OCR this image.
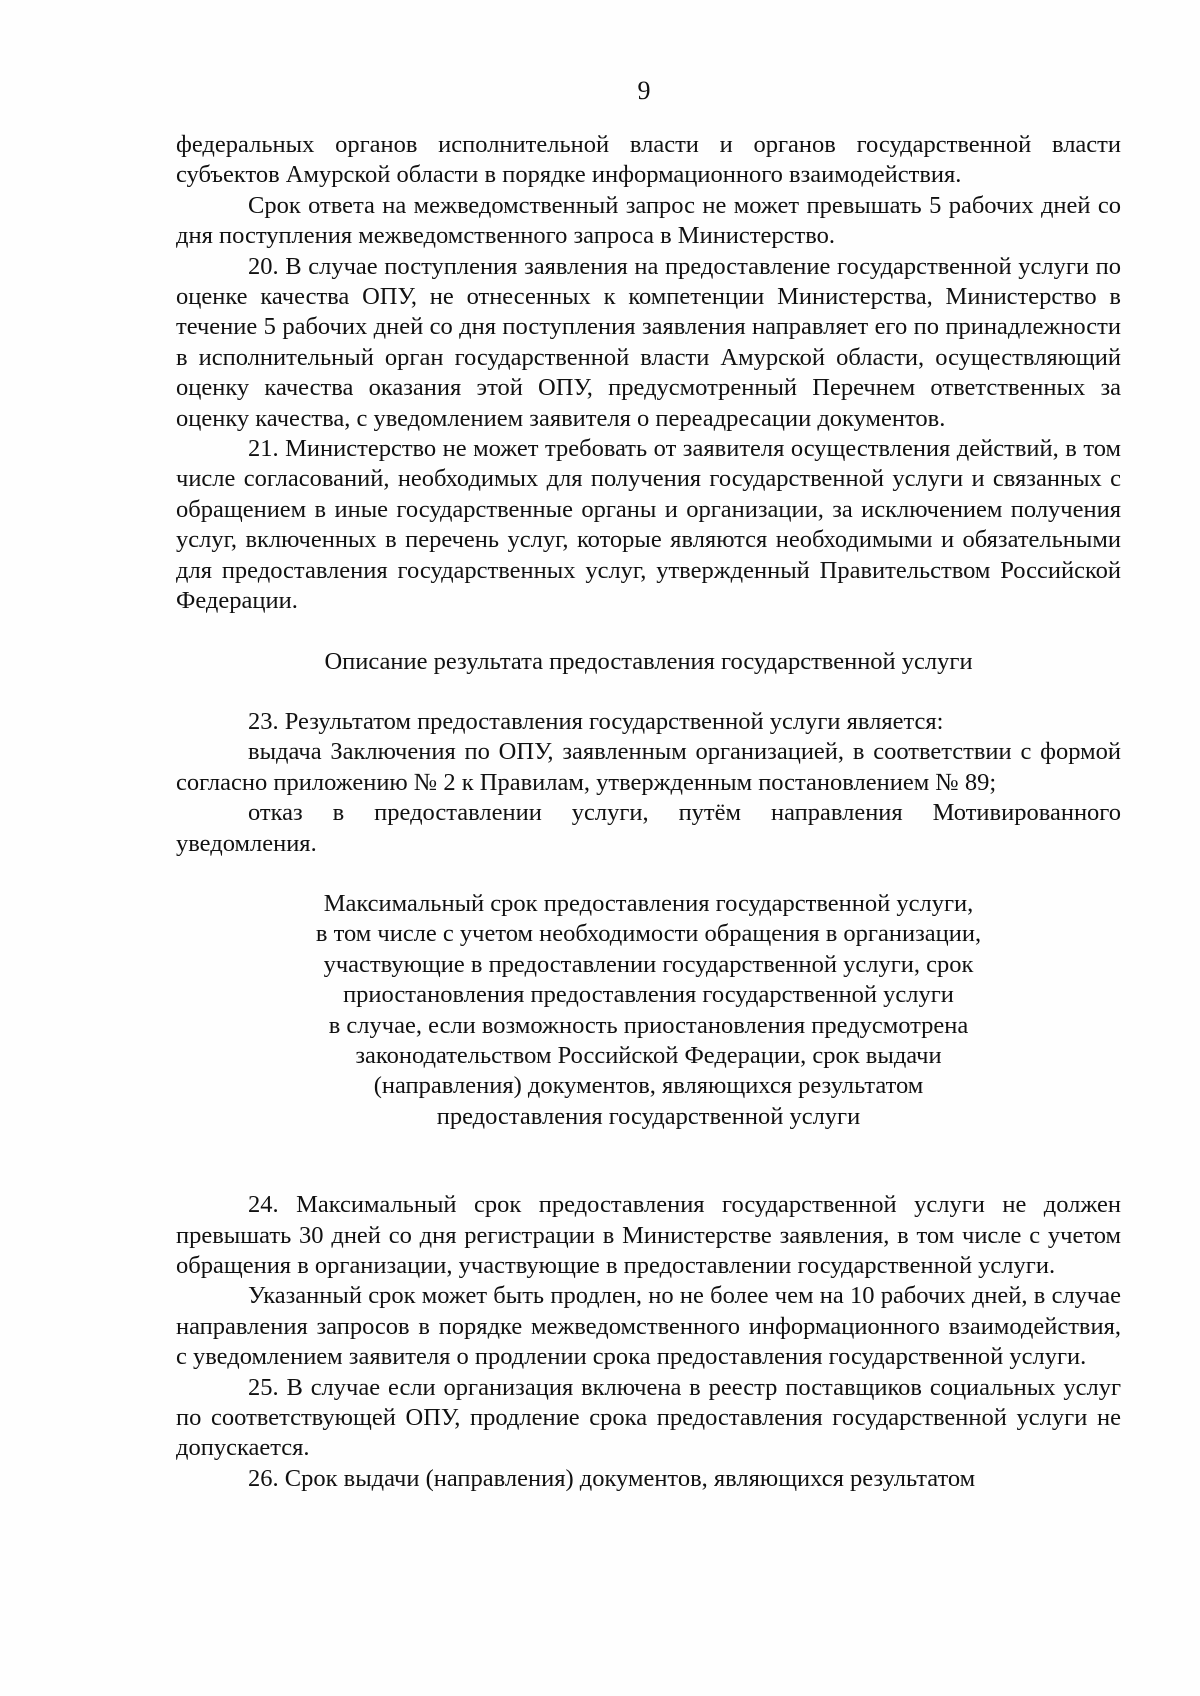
9

федеральных органов исполнительной власти и органов государственной власти субъектов Амурской области в порядке информационного взаимодействия.

Срок ответа на межведомственный запрос не может превышать 5 рабочих дней со дня поступления межведомственного запроса в Министерство.

20. В случае поступления заявления на предоставление государственной услуги по оценке качества ОПУ, не отнесенных к компетенции Министерства, Министерство в течение 5 рабочих дней со дня поступления заявления направляет его по принадлежности в исполнительный орган государственной власти Амурской области, осуществляющий оценку качества оказания этой ОПУ, предусмотренный Перечнем ответственных за оценку качества, с уведомлением заявителя о переадресации документов.

21. Министерство не может требовать от заявителя осуществления действий, в том числе согласований, необходимых для получения государственной услуги и связанных с обращением в иные государственные органы и организации, за исключением получения услуг, включенных в перечень услуг, которые являются необходимыми и обязательными для предоставления государственных услуг, утвержденный Правительством Российской Федерации.

Описание результата предоставления государственной услуги

23. Результатом предоставления государственной услуги является:

выдача Заключения по ОПУ, заявленным организацией, в соответствии с формой согласно приложению № 2 к Правилам, утвержденным постановлением № 89;

отказ в предоставлении услуги, путём направления Мотивированного уведомления.

Максимальный срок предоставления государственной услуги,
в том числе с учетом необходимости обращения в организации,
участвующие в предоставлении государственной услуги, срок
приостановления предоставления государственной услуги
в случае, если возможность приостановления предусмотрена
законодательством Российской Федерации, срок выдачи
(направления) документов, являющихся результатом
предоставления государственной услуги

24. Максимальный срок предоставления государственной услуги не должен превышать 30 дней со дня регистрации в Министерстве заявления, в том числе с учетом обращения в организации, участвующие в предоставлении государственной услуги.

Указанный срок может быть продлен, но не более чем на 10 рабочих дней, в случае направления запросов в порядке межведомственного информационного взаимодействия, с уведомлением заявителя о продлении срока предоставления государственной услуги.

25. В случае если организация включена в реестр поставщиков социальных услуг по соответствующей ОПУ, продление срока предоставления государственной услуги не допускается.

26. Срок выдачи (направления) документов, являющихся результатом
